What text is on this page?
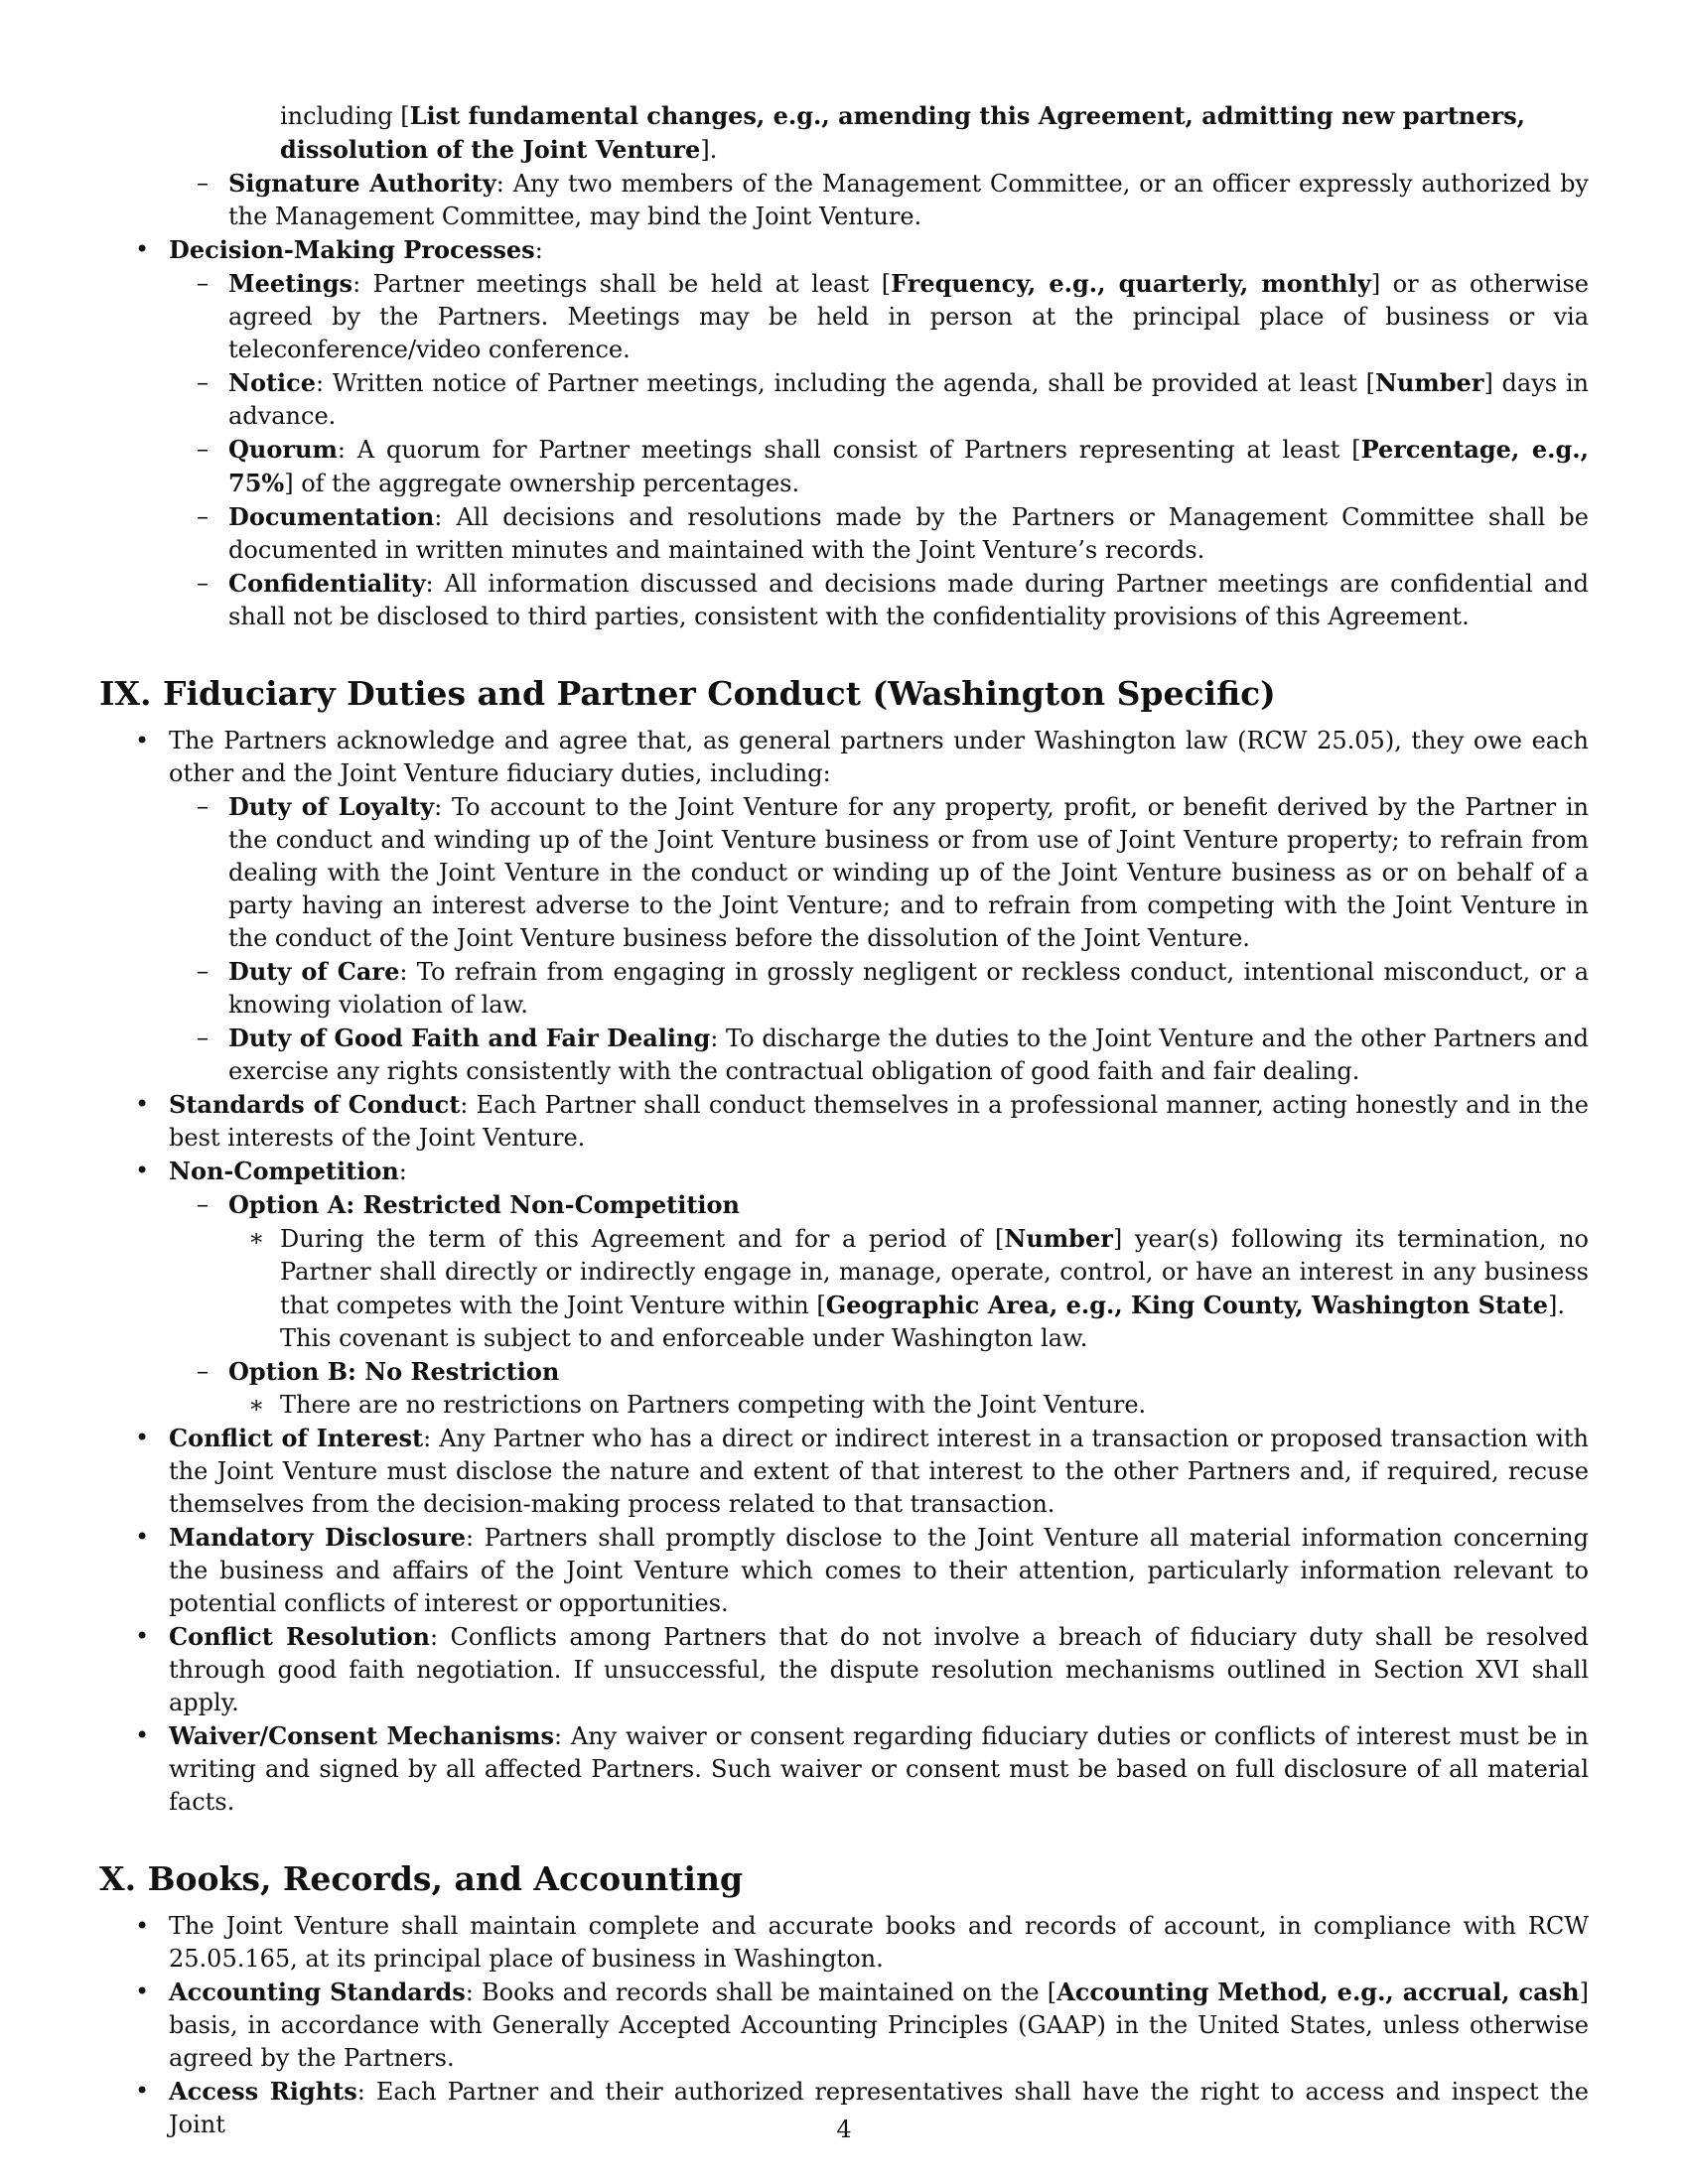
including [List fundamental changes, e.g., amending this Agreement, admitting new partners, dissolution of the Joint Venture].

– Signature Authority: Any two members of the Management Committee, or an officer expressly authorized by the Management Committee, may bind the Joint Venture.

• Decision-Making Processes:

– Meetings: Partner meetings shall be held at least [Frequency, e.g., quarterly, monthly] or as otherwise agreed by the Partners. Meetings may be held in person at the principal place of business or via teleconference/video conference.

– Notice: Written notice of Partner meetings, including the agenda, shall be provided at least [Number] days in advance.

– Quorum: A quorum for Partner meetings shall consist of Partners representing at least [Percentage, e.g., 75%] of the aggregate ownership percentages.

– Documentation: All decisions and resolutions made by the Partners or Management Committee shall be documented in written minutes and maintained with the Joint Venture’s records.

– Confidentiality: All information discussed and decisions made during Partner meetings are confidential and shall not be disclosed to third parties, consistent with the confidentiality provisions of this Agreement.

IX. Fiduciary Duties and Partner Conduct (Washington Specific)

• The Partners acknowledge and agree that, as general partners under Washington law (RCW 25.05), they owe each other and the Joint Venture fiduciary duties, including:

– Duty of Loyalty: To account to the Joint Venture for any property, profit, or benefit derived by the Partner in the conduct and winding up of the Joint Venture business or from use of Joint Venture property; to refrain from dealing with the Joint Venture in the conduct or winding up of the Joint Venture business as or on behalf of a party having an interest adverse to the Joint Venture; and to refrain from competing with the Joint Venture in the conduct of the Joint Venture business before the dissolution of the Joint Venture.

– Duty of Care: To refrain from engaging in grossly negligent or reckless conduct, intentional misconduct, or a knowing violation of law.

– Duty of Good Faith and Fair Dealing: To discharge the duties to the Joint Venture and the other Partners and exercise any rights consistently with the contractual obligation of good faith and fair dealing.

• Standards of Conduct: Each Partner shall conduct themselves in a professional manner, acting honestly and in the best interests of the Joint Venture.

• Non-Competition:

– Option A: Restricted Non-Competition

∗ During the term of this Agreement and for a period of [Number] year(s) following its termination, no Partner shall directly or indirectly engage in, manage, operate, control, or have an interest in any business that competes with the Joint Venture within [Geographic Area, e.g., King County, Washington State].

This covenant is subject to and enforceable under Washington law.

– Option B: No Restriction

∗ There are no restrictions on Partners competing with the Joint Venture.

• Conflict of Interest: Any Partner who has a direct or indirect interest in a transaction or proposed transaction with the Joint Venture must disclose the nature and extent of that interest to the other Partners and, if required, recuse themselves from the decision-making process related to that transaction.

• Mandatory Disclosure: Partners shall promptly disclose to the Joint Venture all material information concerning the business and affairs of the Joint Venture which comes to their attention, particularly information relevant to potential conflicts of interest or opportunities.

• Conflict Resolution: Conflicts among Partners that do not involve a breach of fiduciary duty shall be resolved through good faith negotiation. If unsuccessful, the dispute resolution mechanisms outlined in Section XVI shall apply.

• Waiver/Consent Mechanisms: Any waiver or consent regarding fiduciary duties or conflicts of interest must be in writing and signed by all affected Partners. Such waiver or consent must be based on full disclosure of all material facts.

X. Books, Records, and Accounting

• The Joint Venture shall maintain complete and accurate books and records of account, in compliance with RCW 25.05.165, at its principal place of business in Washington.

• Accounting Standards: Books and records shall be maintained on the [Accounting Method, e.g., accrual, cash] basis, in accordance with Generally Accepted Accounting Principles (GAAP) in the United States, unless otherwise agreed by the Partners.

• Access Rights: Each Partner and their authorized representatives shall have the right to access and inspect the Joint	4
